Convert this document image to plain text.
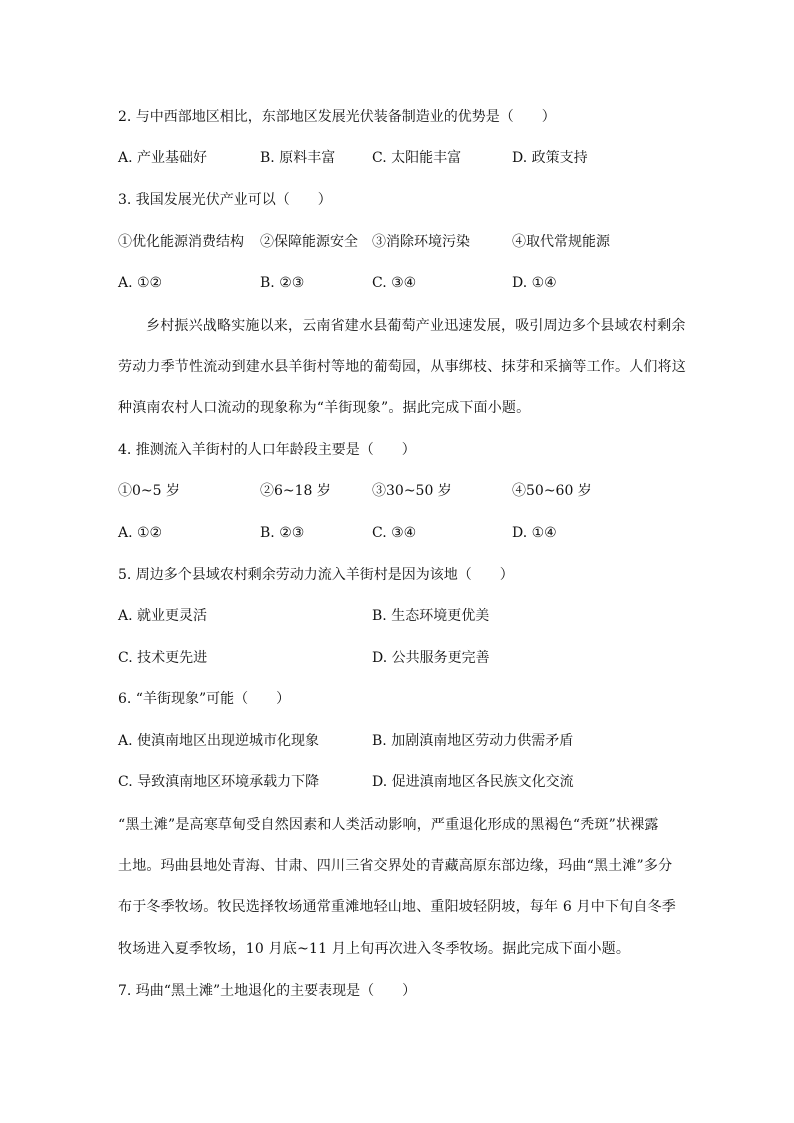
2. 与中西部地区相比，东部地区发展光伏装备制造业的优势是（　　）
A. 产业基础好	B. 原料丰富	C. 太阳能丰富	D. 政策支持
3. 我国发展光伏产业可以（　　）
①优化能源消费结构 ②保障能源安全 ③消除环境污染	④取代常规能源
A. ①②	B. ②③	C. ③④	D. ①④
乡村振兴战略实施以来，云南省建水县葡萄产业迅速发展，吸引周边多个县域农村剩余
劳动力季节性流动到建水县羊街村等地的葡萄园，从事绑枝、抹芽和采摘等工作。人们将这
种滇南农村人口流动的现象称为“羊街现象”。据此完成下面小题。
4. 推测流入羊街村的人口年龄段主要是（　　）
①0~5 岁	②6~18 岁	③30~50 岁	④50~60 岁
A. ①②	B. ②③	C. ③④	D. ①④
5. 周边多个县域农村剩余劳动力流入羊街村是因为该地（　　）
A. 就业更灵活	B. 生态环境更优美
C. 技术更先进	D. 公共服务更完善
6. “羊街现象”可能（　　）
A. 使滇南地区出现逆城市化现象	B. 加剧滇南地区劳动力供需矛盾
C. 导致滇南地区环境承载力下降	D. 促进滇南地区各民族文化交流
“黑土滩”是高寒草甸受自然因素和人类活动影响，严重退化形成的黑褐色“秃斑”状裸露
土地。玛曲县地处青海、甘肃、四川三省交界处的青藏高原东部边缘，玛曲“黑土滩”多分
布于冬季牧场。牧民选择牧场通常重滩地轻山地、重阳坡轻阴坡，每年 6 月中下旬自冬季
牧场进入夏季牧场，10 月底~11 月上旬再次进入冬季牧场。据此完成下面小题。
7. 玛曲“黑土滩”土地退化的主要表现是（　　）
